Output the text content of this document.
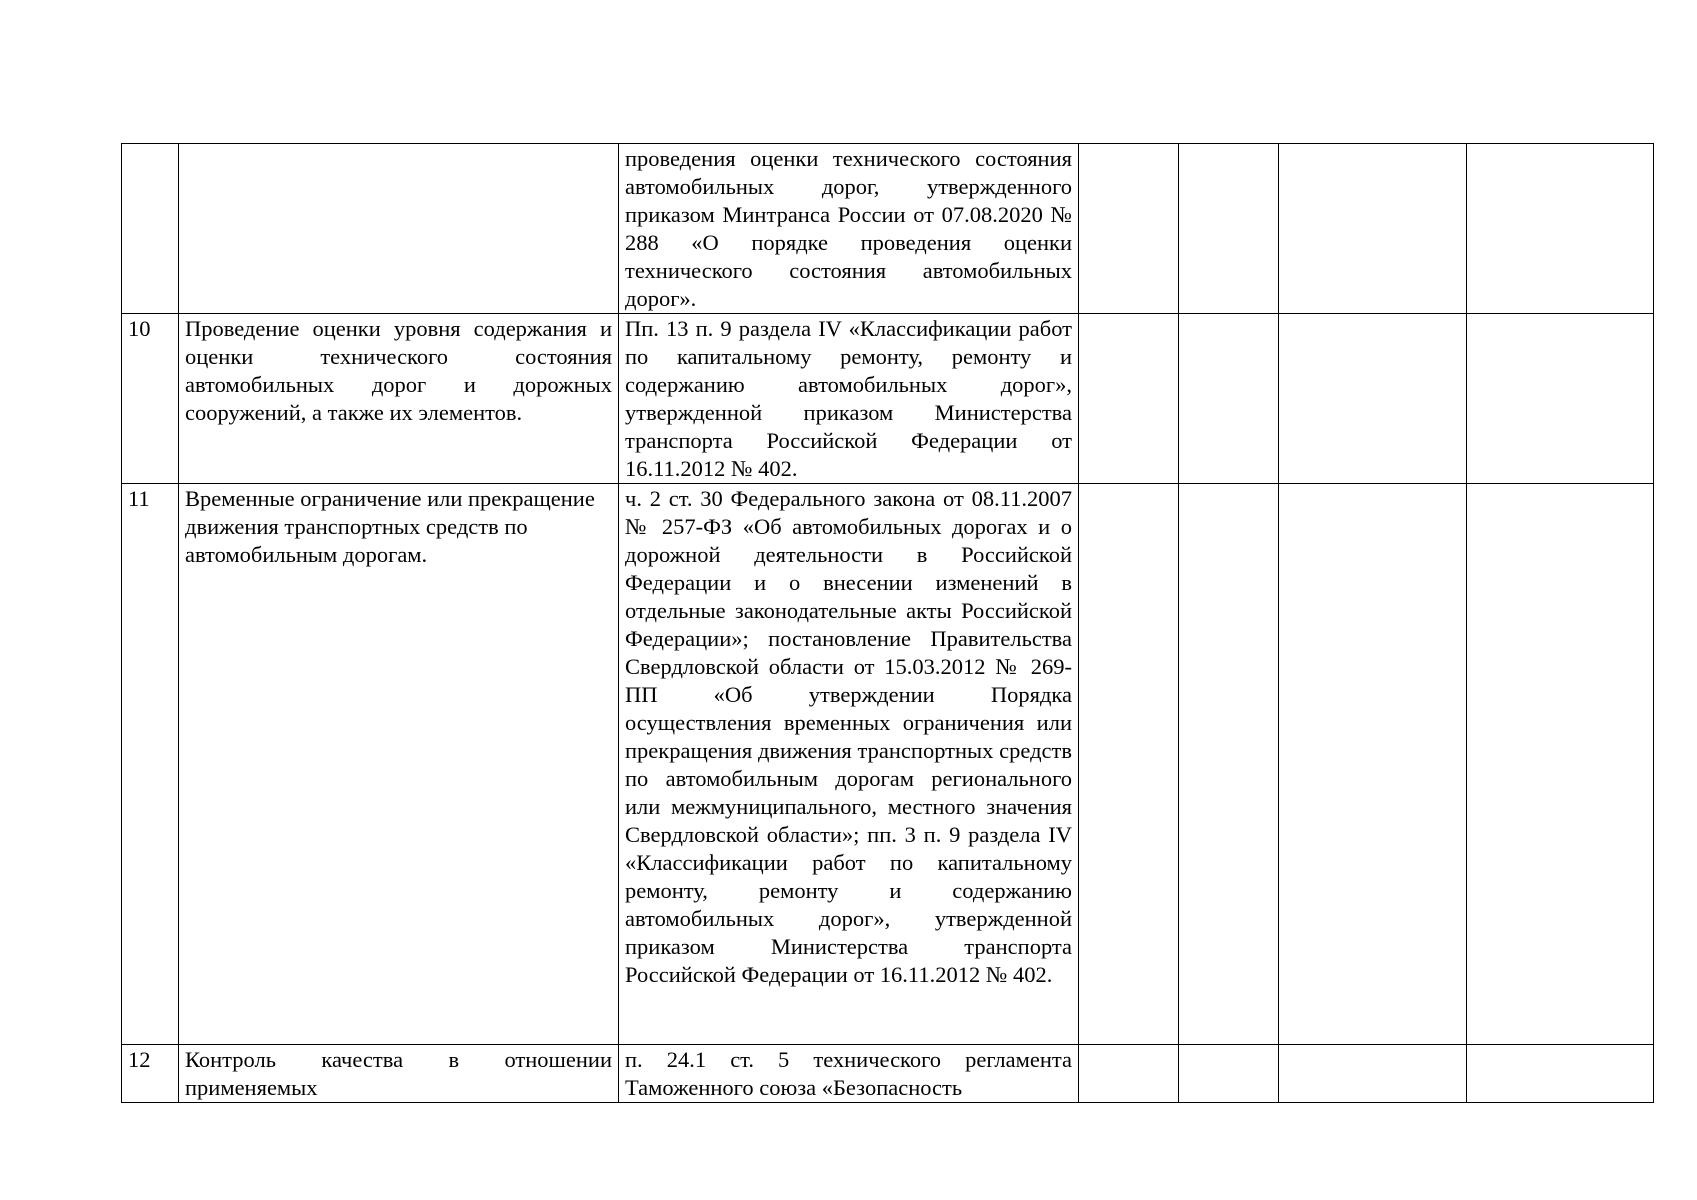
		проведения оценки технического состояния автомобильных дорог, утвержденного приказом Минтранса России от 07.08.2020 № 288 «О порядке проведения оценки технического состояния автомобильных дорог».				
10	Проведение оценки уровня содержания и оценки технического состояния автомобильных дорог и дорожных сооружений, а также их элементов.	Пп. 13 п. 9 раздела IV «Классификации работ по капитальному ремонту, ремонту и содержанию автомобильных дорог», утвержденной приказом Министерства транспорта Российской Федерации от 16.11.2012 № 402.				
11	Временные ограничение или прекращение движения транспортных средств по автомобильным дорогам.	ч. 2 ст. 30 Федерального закона от 08.11.2007 № 257-ФЗ «Об автомобильных дорогах и о дорожной деятельности в Российской Федерации и о внесении изменений в отдельные законодательные акты Российской Федерации»; постановление Правительства Свердловской области от 15.03.2012 № 269-ПП «Об утверждении Порядка осуществления временных ограничения или прекращения движения транспортных средств по автомобильным дорогам регионального или межмуниципального, местного значения Свердловской области»; пп. 3 п. 9 раздела IV «Классификации работ по капитальному ремонту, ремонту и содержанию автомобильных дорог», утвержденной приказом Министерства транспорта Российской Федерации от 16.11.2012 № 402.				
12	Контроль качества в отношении применяемых	п. 24.1 ст. 5 технического регламента Таможенного союза «Безопасность				
